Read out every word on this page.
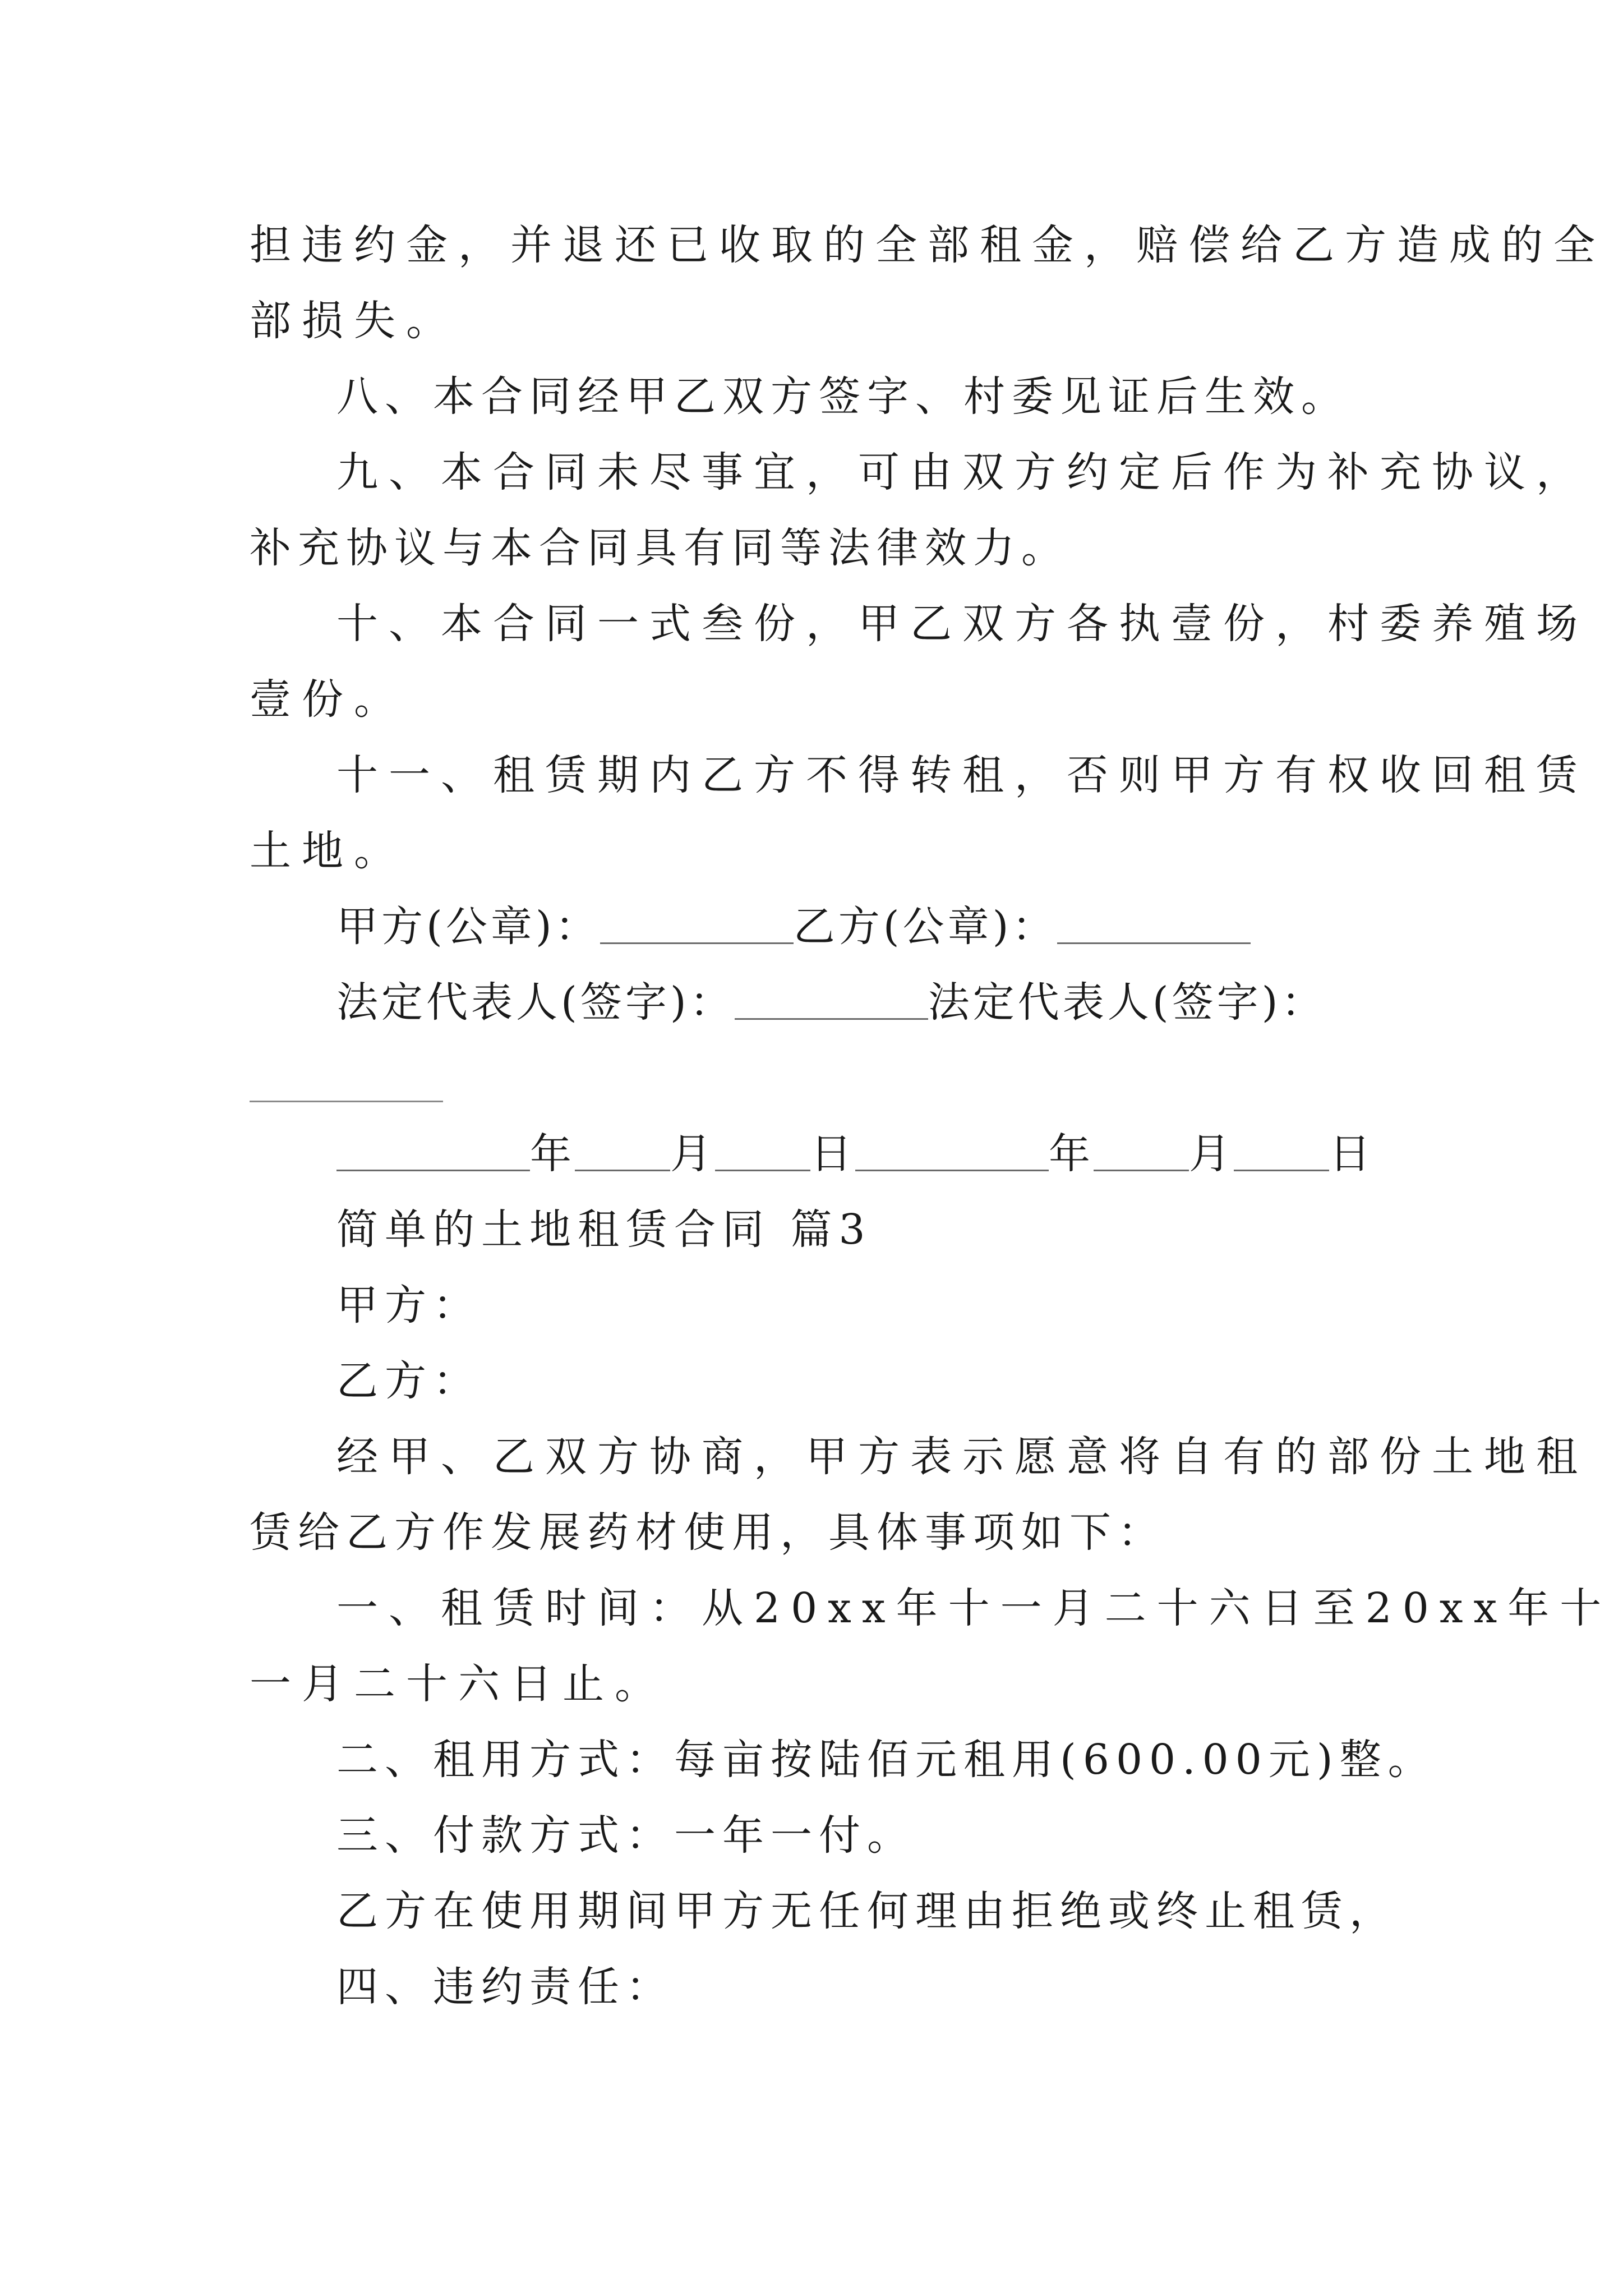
担违约金，并退还已收取的全部租金，赔偿给乙方造成的全
部损失。
八、本合同经甲乙双方签字、村委见证后生效。
九、本合同未尽事宜，可由双方约定后作为补充协议，
补充协议与本合同具有同等法律效力。
十、本合同一式叁份，甲乙双方各执壹份，村委养殖场
壹份。
十一、租赁期内乙方不得转租，否则甲方有权收回租赁
土地。
甲方(公章)：	乙方(公章)：
法定代表人(签字)：	法定代表人(签字)：
年 月 日	年 月 日
简单的土地租赁合同 篇3
甲方：
乙方：
经甲、乙双方协商，甲方表示愿意将自有的部份土地租
赁给乙方作发展药材使用，具体事项如下：
一、租赁时间：从20xx年十一月二十六日至20xx年十
一月二十六日止。
二、租用方式：每亩按陆佰元租用(600.00元)整。
三、付款方式：一年一付。
乙方在使用期间甲方无任何理由拒绝或终止租赁，
四、违约责任：
